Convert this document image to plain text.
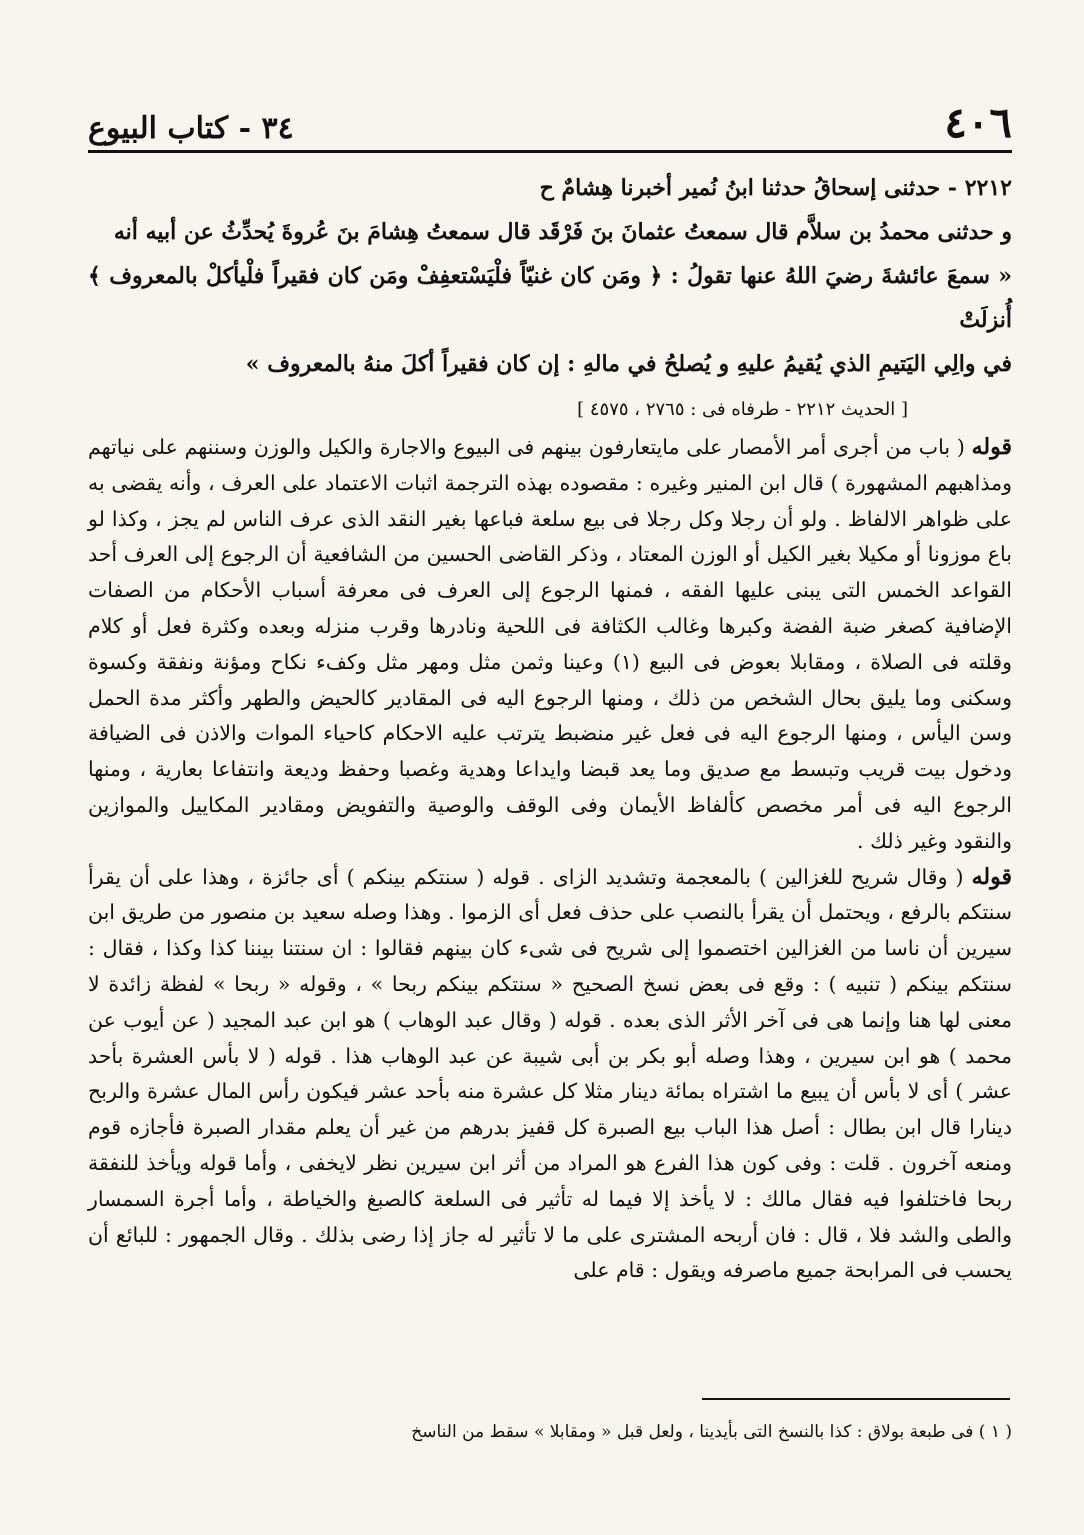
٤٠٦
٣٤ - كتاب البيوع

٢٢١٢ - حدثنى إسحاقُ حدثنا ابنُ نُمير أخبرنا هِشامٌ ح

و حدثنى محمدُ بن سلاَّم قال سمعتُ عثمانَ بنَ فَرْقَد قال سمعتُ هِشامَ بنَ عُروةَ يُحدِّثُ عن أبيه أنه

« سمعَ عائشةَ رضيَ اللهُ عنها تقولُ : ﴿ ومَن كان غنيّاً فلْيَسْتعفِفْ ومَن كان فقيراً فلْيأكلْ بالمعروف ﴾ أُنزلَتْ

في والِي اليَتيمِ الذي يُقيمُ عليهِ و يُصلحُ في مالهِ : إن كان فقيراً أكلَ منهُ بالمعروف »

[ الحديث ٢٢١٢ - طرفاه فى : ٢٧٦٥ ، ٤٥٧٥ ]

قوله ( باب من أجرى أمر الأمصار على مايتعارفون بينهم فى البيوع والاجارة والكيل والوزن وسننهم على نياتهم ومذاهبهم المشهورة ) قال ابن المنير وغيره : مقصوده بهذه الترجمة اثبات الاعتماد على العرف ، وأنه يقضى به على ظواهر الالفاظ . ولو أن رجلا وكل رجلا فى بيع سلعة فباعها بغير النقد الذى عرف الناس لم يجز ، وكذا لو باع موزونا أو مكيلا بغير الكيل أو الوزن المعتاد ، وذكر القاضى الحسين من الشافعية أن الرجوع إلى العرف أحد القواعد الخمس التى يبنى عليها الفقه ، فمنها الرجوع إلى العرف فى معرفة أسباب الأحكام من الصفات الإضافية كصغر ضبة الفضة وكبرها وغالب الكثافة فى اللحية ونادرها وقرب منزله وبعده وكثرة فعل أو كلام وقلته فى الصلاة ، ومقابلا بعوض فى البيع (١) وعينا وثمن مثل ومهر مثل وكفء نكاح ومؤنة ونفقة وكسوة وسكنى وما يليق بحال الشخص من ذلك ، ومنها الرجوع اليه فى المقادير كالحيض والطهر وأكثر مدة الحمل وسن اليأس ، ومنها الرجوع اليه فى فعل غير منضبط يترتب عليه الاحكام كاحياء الموات والاذن فى الضيافة ودخول بيت قريب وتبسط مع صديق وما يعد قبضا وايداعا وهدية وغصبا وحفظ وديعة وانتفاعا بعارية ، ومنها الرجوع اليه فى أمر مخصص كألفاظ الأيمان وفى الوقف والوصية والتفويض ومقادير المكاييل والموازين والنقود وغير ذلك .

قوله ( وقال شريح للغزالين ) بالمعجمة وتشديد الزاى . قوله ( سنتكم بينكم ) أى جائزة ، وهذا على أن يقرأ سنتكم بالرفع ، ويحتمل أن يقرأ بالنصب على حذف فعل أى الزموا . وهذا وصله سعيد بن منصور من طريق ابن سيرين أن ناسا من الغزالين اختصموا إلى شريح فى شىء كان بينهم فقالوا : ان سنتنا بيننا كذا وكذا ، فقال : سنتكم بينكم ( تنبيه ) : وقع فى بعض نسخ الصحيح « سنتكم بينكم ربحا » ، وقوله « ربحا » لفظة زائدة لا معنى لها هنا وإنما هى فى آخر الأثر الذى بعده . قوله ( وقال عبد الوهاب ) هو ابن عبد المجيد ( عن أيوب عن محمد ) هو ابن سيرين ، وهذا وصله أبو بكر بن أبى شيبة عن عبد الوهاب هذا . قوله ( لا بأس العشرة بأحد عشر ) أى لا بأس أن يبيع ما اشتراه بمائة دينار مثلا كل عشرة منه بأحد عشر فيكون رأس المال عشرة والربح دينارا قال ابن بطال : أصل هذا الباب بيع الصبرة كل قفيز بدرهم من غير أن يعلم مقدار الصبرة فأجازه قوم ومنعه آخرون . قلت : وفى كون هذا الفرع هو المراد من أثر ابن سيرين نظر لايخفى ، وأما قوله ويأخذ للنفقة ربحا فاختلفوا فيه فقال مالك : لا يأخذ إلا فيما له تأثير فى السلعة كالصبغ والخياطة ، وأما أجرة السمسار والطى والشد فلا ، قال : فان أربحه المشترى على ما لا تأثير له جاز إذا رضى بذلك . وقال الجمهور : للبائع أن يحسب فى المرابحة جميع ماصرفه ويقول : قام على

( ١ ) فى طبعة بولاق : كذا بالنسخ التى بأيدينا ، ولعل قبل « ومقابلا » سقط من الناسخ
